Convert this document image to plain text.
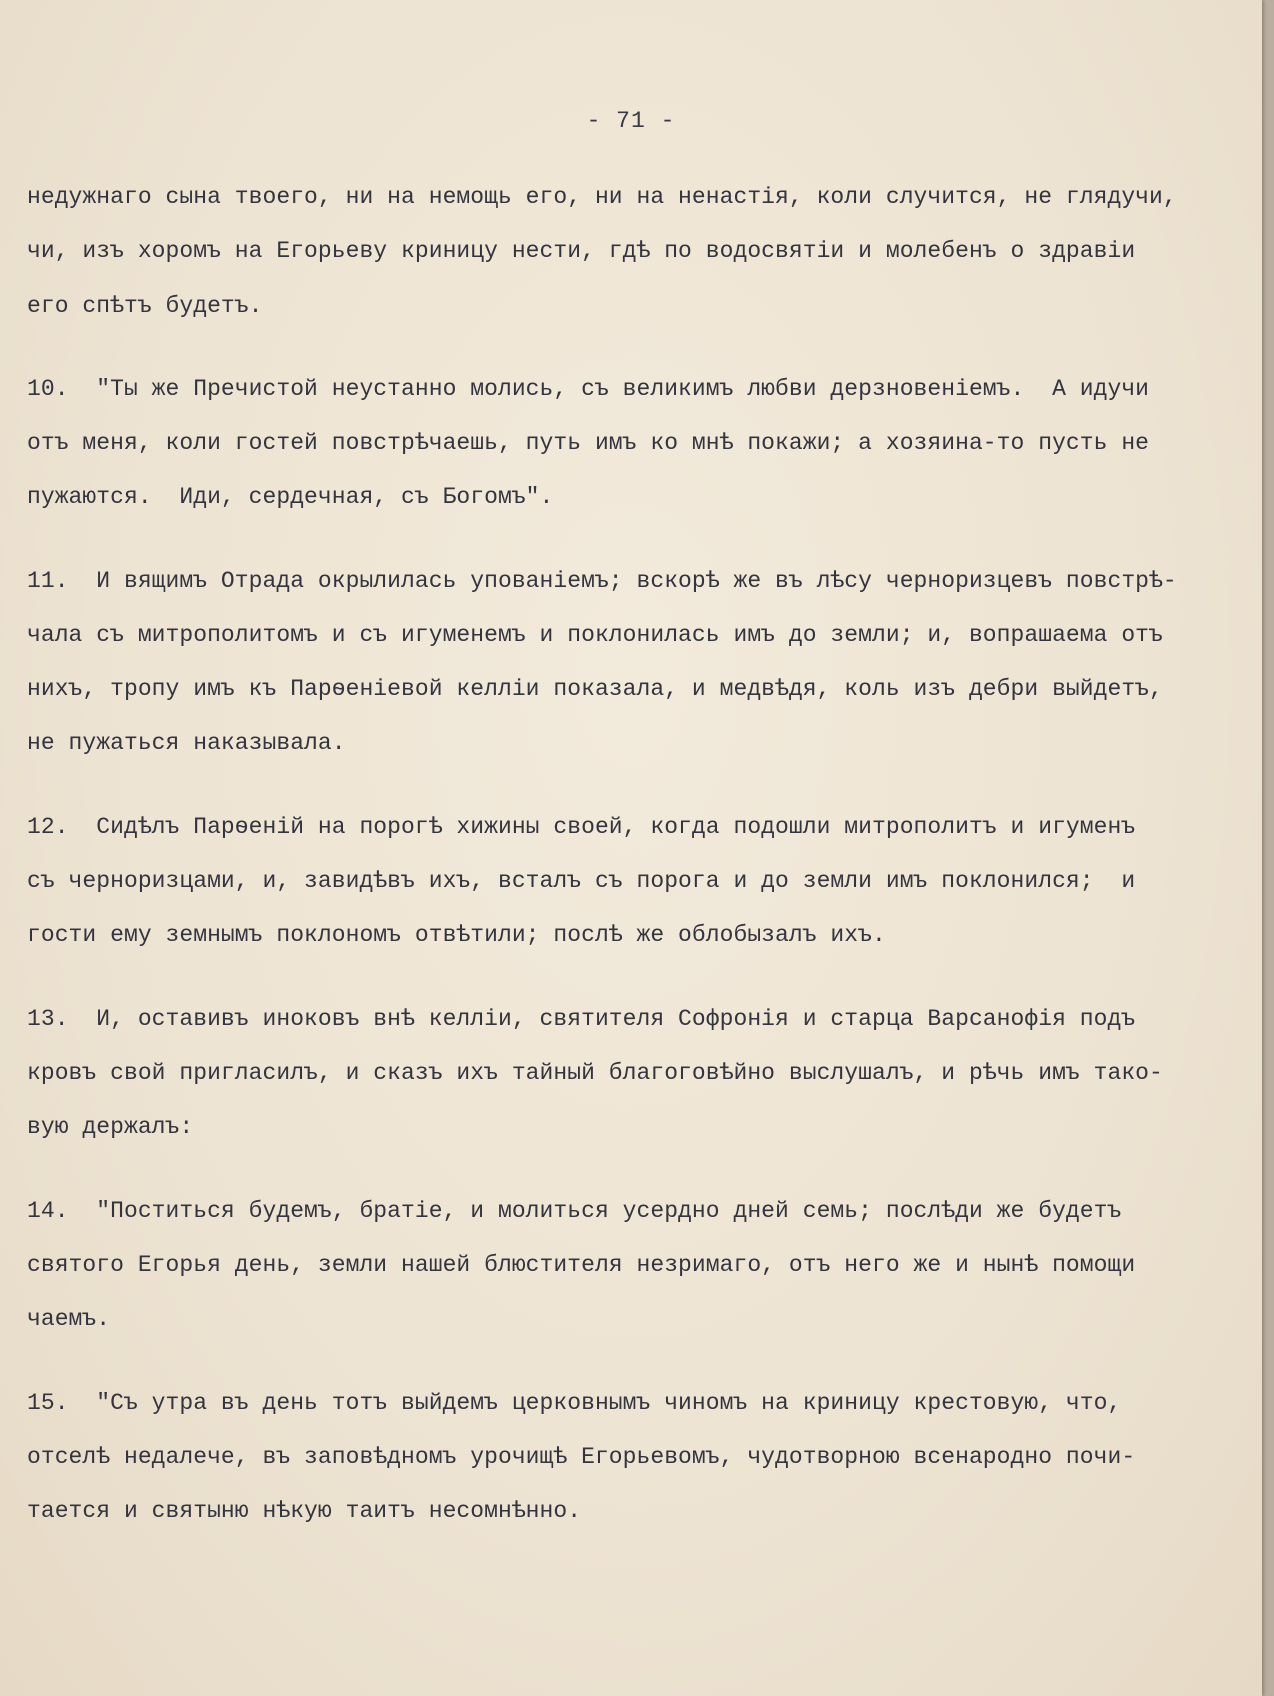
- 71 -
недужнаго сына твоего, ни на немощь его, ни на ненастія, коли случится, не глядучи,
чи, изъ хоромъ на Егорьеву криницу нести, гдѣ по водосвятіи и молебенъ о здравіи
его спѣтъ будетъ.
10.  "Ты же Пречистой неустанно молись, съ великимъ любви дерзновеніемъ.  А идучи
отъ меня, коли гостей повстрѣчаешь, путь имъ ко мнѣ покажи; а хозяина-то пусть не
пужаются.  Иди, сердечная, съ Богомъ".
11.  И вящимъ Отрада окрылилась упованіемъ; вскорѣ же въ лѣсу черноризцевъ повстрѣ-
чала съ митрополитомъ и съ игуменемъ и поклонилась имъ до земли; и, вопрашаема отъ
нихъ, тропу имъ къ Парѳеніевой келліи показала, и медвѣдя, коль изъ дебри выйдетъ,
не пужаться наказывала.
12.  Сидѣлъ Парѳеній на порогѣ хижины своей, когда подошли митрополитъ и игуменъ
съ черноризцами, и, завидѣвъ ихъ, всталъ съ порога и до земли имъ поклонился;  и
гости ему земнымъ поклономъ отвѣтили; послѣ же облобызалъ ихъ.
13.  И, оставивъ иноковъ внѣ келліи, святителя Софронія и старца Варсанофія подъ
кровъ свой пригласилъ, и сказъ ихъ тайный благоговѣйно выслушалъ, и рѣчь имъ тако-
вую держалъ:
14.  "Поститься будемъ, братіе, и молиться усердно дней семь; послѣди же будетъ
святого Егорья день, земли нашей блюстителя незримаго, отъ него же и нынѣ помощи
чаемъ.
15.  "Съ утра въ день тотъ выйдемъ церковнымъ чиномъ на криницу крестовую, что,
отселѣ недалече, въ заповѣдномъ урочищѣ Егорьевомъ, чудотворною всенародно почи-
тается и святыню нѣкую таитъ несомнѣнно.
